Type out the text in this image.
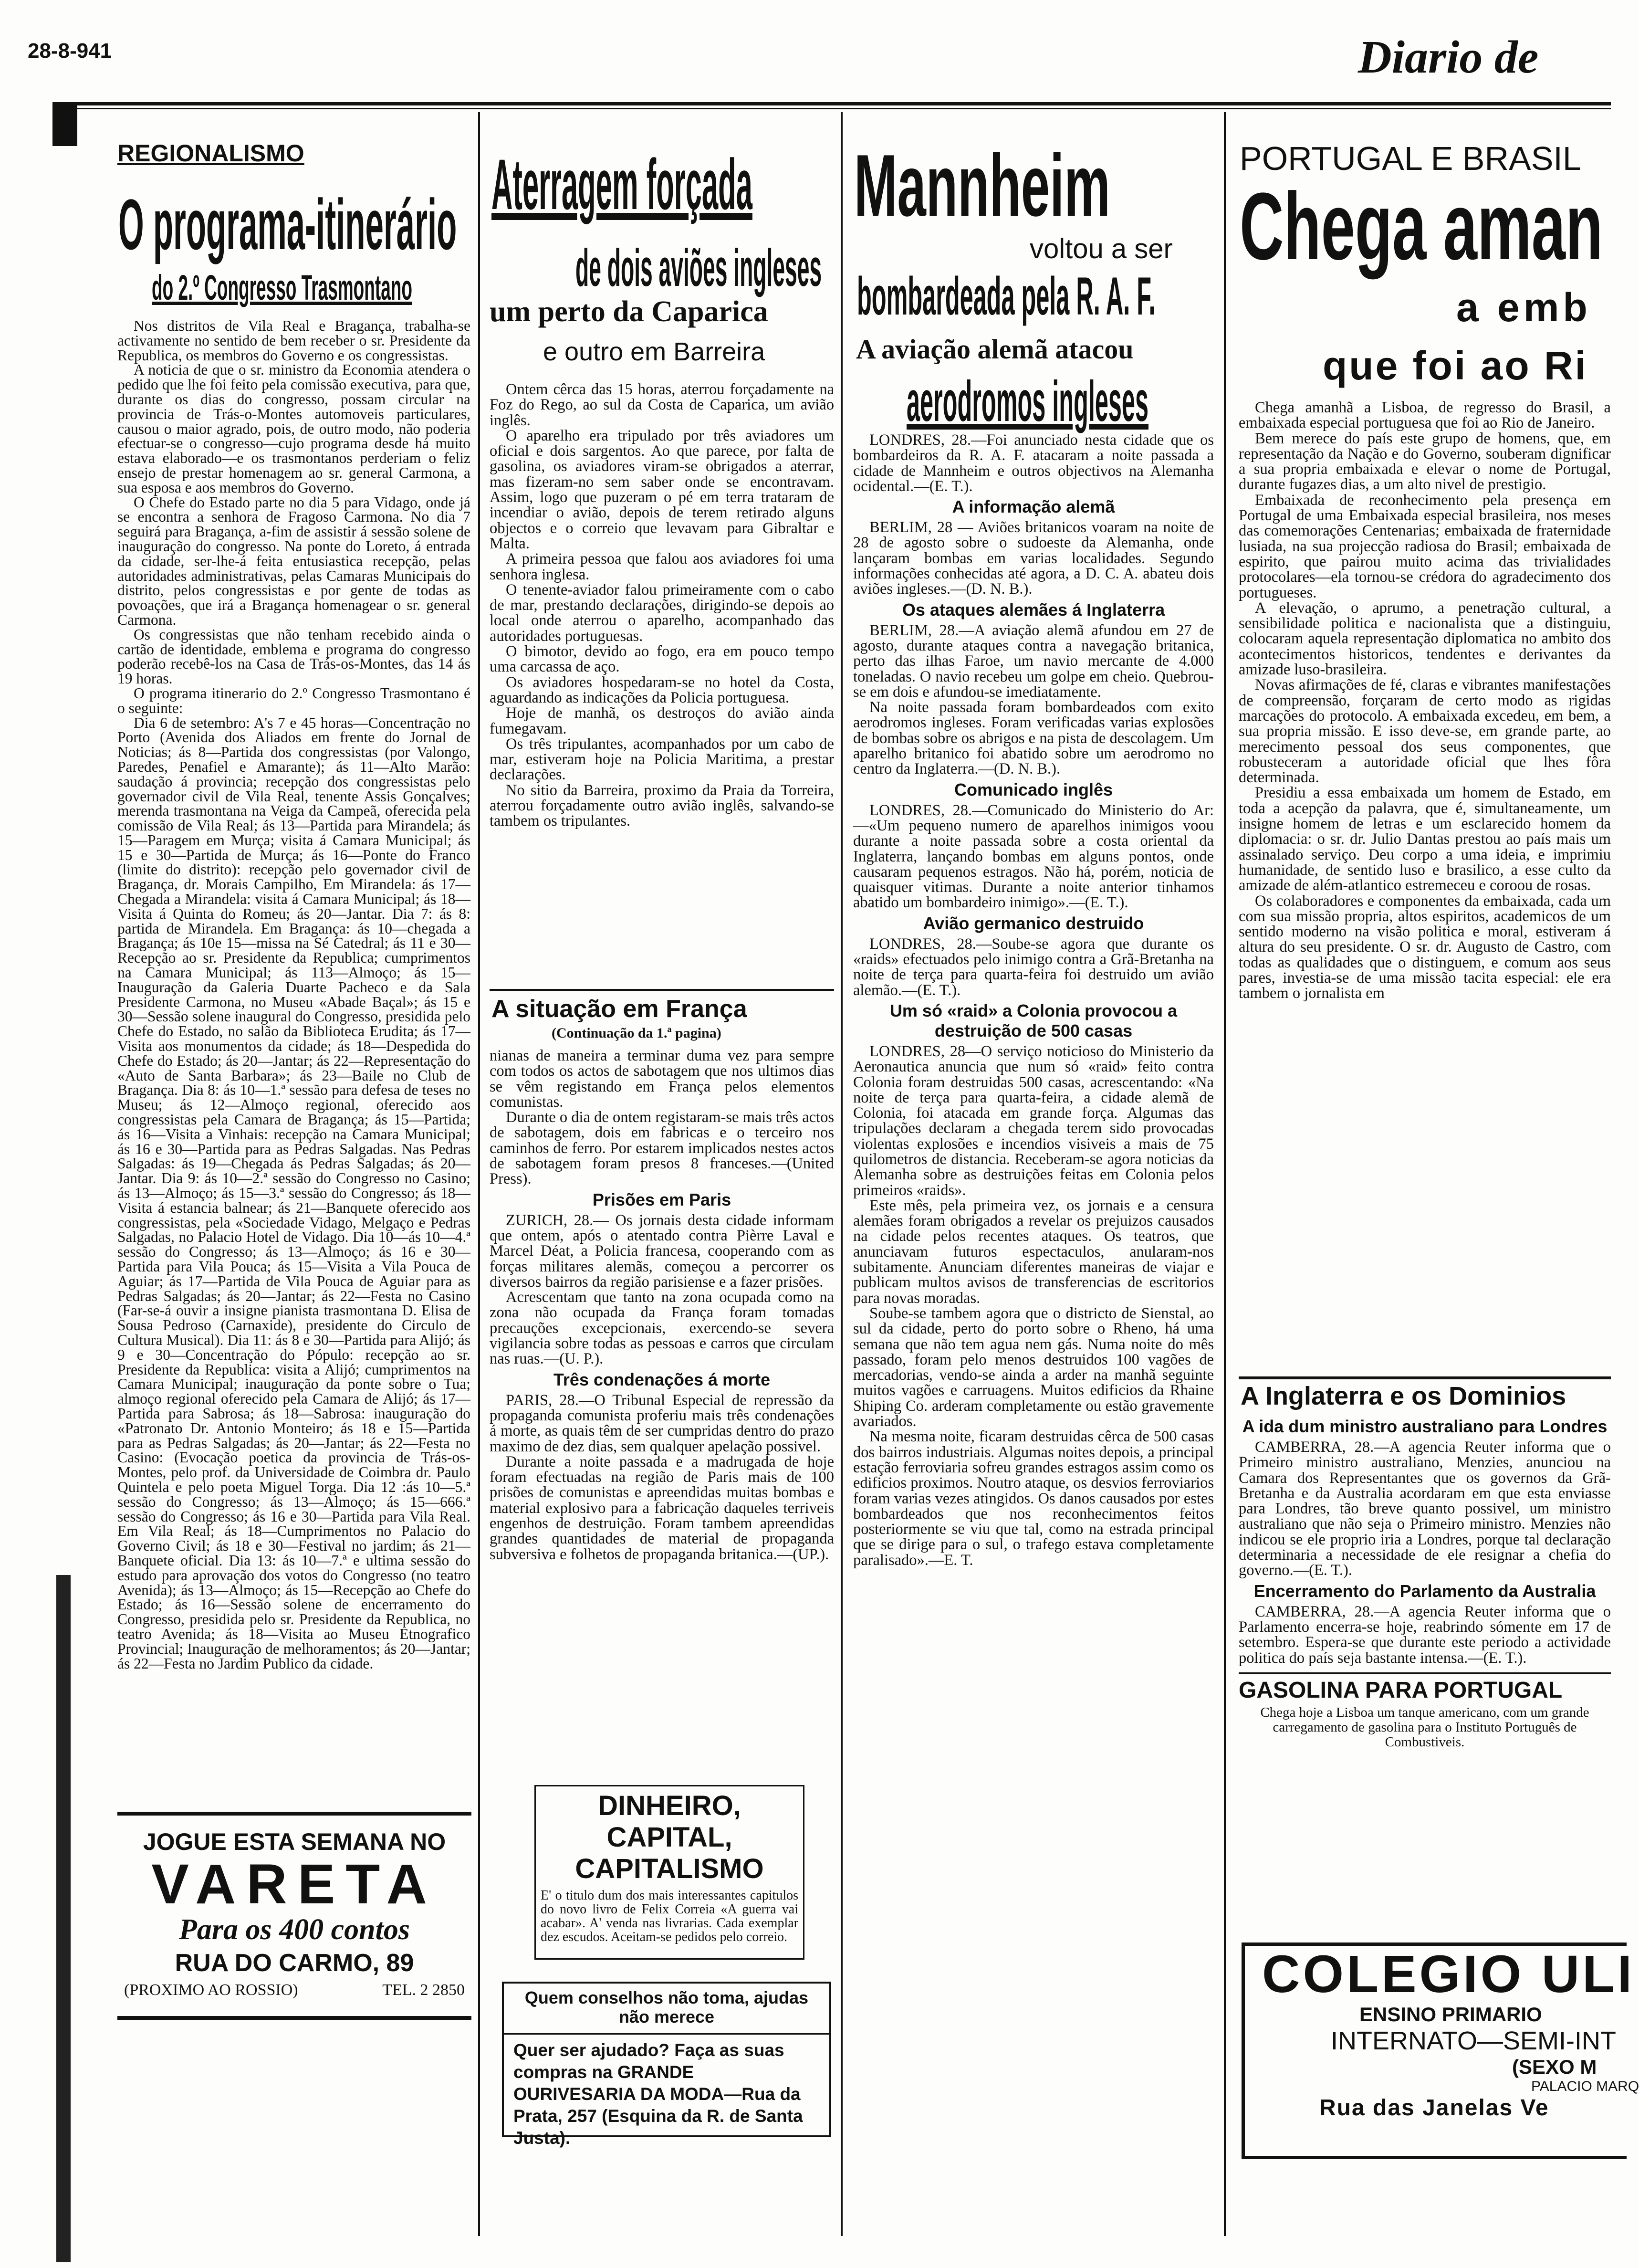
28-8-941	Diario de
REGIONALISMO
O programa-itinerário
do 2.º Congresso Trasmontano

Nos distritos de Vila Real e Bragança, trabalha-se activamente no sentido de bem receber o sr. Presidente da Republica, os membros do Governo e os congressistas.

A noticia de que o sr. ministro da Economia atendera o pedido que lhe foi feito pela comissão executiva, para que, durante os dias do congresso, possam circular na provincia de Trás-o-Montes automoveis particulares, causou o maior agrado, pois, de outro modo, não poderia efectuar-se o congresso—cujo programa desde há muito estava elaborado—e os trasmontanos perderiam o feliz ensejo de prestar homenagem ao sr. general Carmona, a sua esposa e aos membros do Governo.

O Chefe do Estado parte no dia 5 para Vidago, onde já se encontra a senhora de Fragoso Carmona. No dia 7 seguirá para Bragança, a-fim de assistir á sessão solene de inauguração do congresso. Na ponte do Loreto, á entrada da cidade, ser-lhe-á feita entusiastica recepção, pelas autoridades administrativas, pelas Camaras Municipais do distrito, pelos congressistas e por gente de todas as povoações, que irá a Bragança homenagear o sr. general Carmona.

Os congressistas que não tenham recebido ainda o cartão de identidade, emblema e programa do congresso poderão recebê-los na Casa de Trás-os-Montes, das 14 ás 19 horas.

O programa itinerario do 2.º Congresso Trasmontano é o seguinte:

Dia 6 de setembro: A's 7 e 45 horas—Concentração no Porto (Avenida dos Aliados em frente do Jornal de Noticias; ás 8—Partida dos congressistas (por Valongo, Paredes, Penafiel e Amarante); ás 11—Alto Marão: saudação á provincia; recepção dos congressistas pelo governador civil de Vila Real, tenente Assis Gonçalves; merenda trasmontana na Veiga da Campeã, oferecida pela comissão de Vila Real; ás 13—Partida para Mirandela; ás 15—Paragem em Murça; visita á Camara Municipal; ás 15 e 30—Partida de Murça; ás 16—Ponte do Franco (limite do distrito): recepção pelo governador civil de Bragança, dr. Morais Campilho, Em Mirandela: ás 17—Chegada a Mirandela: visita á Camara Municipal; ás 18—Visita á Quinta do Romeu; ás 20—Jantar. Dia 7: ás 8: partida de Mirandela. Em Bragança: ás 10—chegada a Bragança; ás 10e 15—missa na Sé Catedral; ás 11 e 30—Recepção ao sr. Presidente da Republica; cumprimentos na Camara Municipal; ás 113—Almoço; ás 15—Inauguração da Galeria Duarte Pacheco e da Sala Presidente Carmona, no Museu «Abade Baçal»; ás 15 e 30—Sessão solene inaugural do Congresso, presidida pelo Chefe do Estado, no salão da Biblioteca Erudita; ás 17—Visita aos monumentos da cidade; ás 18—Despedida do Chefe do Estado; ás 20—Jantar; ás 22—Representação do «Auto de Santa Barbara»; ás 23—Baile no Club de Bragança. Dia 8: ás 10—1.ª sessão para defesa de teses no Museu; ás 12—Almoço regional, oferecido aos congressistas pela Camara de Bragança; ás 15—Partida; ás 16—Visita a Vinhais: recepção na Camara Municipal; ás 16 e 30—Partida para as Pedras Salgadas. Nas Pedras Salgadas: ás 19—Chegada ás Pedras Salgadas; ás 20—Jantar. Dia 9: ás 10—2.ª sessão do Congresso no Casino; ás 13—Almoço; ás 15—3.ª sessão do Congresso; ás 18—Visita á estancia balnear; ás 21—Banquete oferecido aos congressistas, pela «Sociedade Vidago, Melgaço e Pedras Salgadas, no Palacio Hotel de Vidago. Dia 10—ás 10—4.ª sessão do Congresso; ás 13—Almoço; ás 16 e 30—Partida para Vila Pouca; ás 15—Visita a Vila Pouca de Aguiar; ás 17—Partida de Vila Pouca de Aguiar para as Pedras Salgadas; ás 20—Jantar; ás 22—Festa no Casino (Far-se-á ouvir a insigne pianista trasmontana D. Elisa de Sousa Pedroso (Carnaxide), presidente do Circulo de Cultura Musical). Dia 11: ás 8 e 30—Partida para Alijó; ás 9 e 30—Concentração do Pópulo: recepção ao sr. Presidente da Republica: visita a Alijó; cumprimentos na Camara Municipal; inauguração da ponte sobre o Tua; almoço regional oferecido pela Camara de Alijó; ás 17—Partida para Sabrosa; ás 18—Sabrosa: inauguração do «Patronato Dr. Antonio Monteiro; ás 18 e 15—Partida para as Pedras Salgadas; ás 20—Jantar; ás 22—Festa no Casino: (Evocação poetica da provincia de Trás-os-Montes, pelo prof. da Universidade de Coimbra dr. Paulo Quintela e pelo poeta Miguel Torga. Dia 12 :ás 10—5.ª sessão do Congresso; ás 13—Almoço; ás 15—666.ª sessão do Congresso; ás 16 e 30—Partida para Vila Real. Em Vila Real; ás 18—Cumprimentos no Palacio do Governo Civil; ás 18 e 30—Festival no jardim; ás 21—Banquete oficial. Dia 13: ás 10—7.ª e ultima sessão do estudo para aprovação dos votos do Congresso (no teatro Avenida); ás 13—Almoço; ás 15—Recepção ao Chefe do Estado; ás 16—Sessão solene de encerramento do Congresso, presidida pelo sr. Presidente da Republica, no teatro Avenida; ás 18—Visita ao Museu Etnografico Provincial; Inauguração de melhoramentos; ás 20—Jantar; ás 22—Festa no Jardim Publico da cidade.

JOGUE ESTA SEMANA NO
VARETA
Para os 400 contos
RUA DO CARMO, 89
(PROXIMO AO ROSSIO)	TEL. 2 2850
Aterragem forçada
de dois aviões ingleses
um perto da Caparica
e outro em Barreira

Ontem cêrca das 15 horas, aterrou forçadamente na Foz do Rego, ao sul da Costa de Caparica, um avião inglês.

O aparelho era tripulado por três aviadores um oficial e dois sargentos. Ao que parece, por falta de gasolina, os aviadores viram-se obrigados a aterrar, mas fizeram-no sem saber onde se encontravam. Assim, logo que puzeram o pé em terra trataram de incendiar o avião, depois de terem retirado alguns objectos e o correio que levavam para Gibraltar e Malta.

A primeira pessoa que falou aos aviadores foi uma senhora inglesa.

O tenente-aviador falou primeiramente com o cabo de mar, prestando declarações, dirigindo-se depois ao local onde aterrou o aparelho, acompanhado das autoridades portuguesas.

O bimotor, devido ao fogo, era em pouco tempo uma carcassa de aço.

Os aviadores hospedaram-se no hotel da Costa, aguardando as indicações da Policia portuguesa.

Hoje de manhã, os destroços do avião ainda fumegavam.

Os três tripulantes, acompanhados por um cabo de mar, estiveram hoje na Policia Maritima, a prestar declarações.

No sitio da Barreira, proximo da Praia da Torreira, aterrou forçadamente outro avião inglês, salvando-se tambem os tripulantes.

A situação em França
(Continuação da 1.ª pagina)

nianas de maneira a terminar duma vez para sempre com todos os actos de sabotagem que nos ultimos dias se vêm registando em França pelos elementos comunistas.

Durante o dia de ontem registaram-se mais três actos de sabotagem, dois em fabricas e o terceiro nos caminhos de ferro. Por estarem implicados nestes actos de sabotagem foram presos 8 franceses.—(United Press).

Prisões em Paris

ZURICH, 28.— Os jornais desta cidade informam que ontem, após o atentado contra Pièrre Laval e Marcel Déat, a Policia francesa, cooperando com as forças militares alemãs, começou a percorrer os diversos bairros da região parisiense e a fazer prisões.

Acrescentam que tanto na zona ocupada como na zona não ocupada da França foram tomadas precauções excepcionais, exercendo-se severa vigilancia sobre todas as pessoas e carros que circulam nas ruas.—(U. P.).

Três condenações á morte

PARIS, 28.—O Tribunal Especial de repressão da propaganda comunista proferiu mais três condenações á morte, as quais têm de ser cumpridas dentro do prazo maximo de dez dias, sem qualquer apelação possivel.

Durante a noite passada e a madrugada de hoje foram efectuadas na região de Paris mais de 100 prisões de comunistas e apreendidas muitas bombas e material explosivo para a fabricação daqueles terriveis engenhos de destruição. Foram tambem apreendidas grandes quantidades de material de propaganda subversiva e folhetos de propaganda britanica.—(UP.).

DINHEIRO,
CAPITAL,
CAPITALISMO

E' o titulo dum dos mais interessantes capitulos do novo livro de Felix Correia «A guerra vai acabar». A' venda nas livrarias. Cada exemplar dez escudos. Aceitam-se pedidos pelo correio.

Quem conselhos não toma, ajudas não merece

Quer ser ajudado? Faça as suas compras na GRANDE OURIVESARIA DA MODA—Rua da Prata, 257 (Esquina da R. de Santa Justa).

Mannheim
voltou a ser
bombardeada pela R. A. F.
A aviação alemã atacou
aerodromos ingleses

LONDRES, 28.—Foi anunciado nesta cidade que os bombardeiros da R. A. F. atacaram a noite passada a cidade de Mannheim e outros objectivos na Alemanha ocidental.—(E. T.).

A informação alemã

BERLIM, 28 — Aviões britanicos voaram na noite de 28 de agosto sobre o sudoeste da Alemanha, onde lançaram bombas em varias localidades. Segundo informações conhecidas até agora, a D. C. A. abateu dois aviões ingleses.—(D. N. B.).

Os ataques alemães á Inglaterra

BERLIM, 28.—A aviação alemã afundou em 27 de agosto, durante ataques contra a navegação britanica, perto das ilhas Faroe, um navio mercante de 4.000 toneladas. O navio recebeu um golpe em cheio. Quebrou-se em dois e afundou-se imediatamente.

Na noite passada foram bombardeados com exito aerodromos ingleses. Foram verificadas varias explosões de bombas sobre os abrigos e na pista de descolagem. Um aparelho britanico foi abatido sobre um aerodromo no centro da Inglaterra.—(D. N. B.).

Comunicado inglês

LONDRES, 28.—Comunicado do Ministerio do Ar:—«Um pequeno numero de aparelhos inimigos voou durante a noite passada sobre a costa oriental da Inglaterra, lançando bombas em alguns pontos, onde causaram pequenos estragos. Não há, porém, noticia de quaisquer vitimas. Durante a noite anterior tinhamos abatido um bombardeiro inimigo».—(E. T.).

Avião germanico destruido

LONDRES, 28.—Soube-se agora que durante os «raids» efectuados pelo inimigo contra a Grã-Bretanha na noite de terça para quarta-feira foi destruido um avião alemão.—(E. T.).

Um só «raid» a Colonia provocou a destruição de 500 casas

LONDRES, 28—O serviço noticioso do Ministerio da Aeronautica anuncia que num só «raid» feito contra Colonia foram destruidas 500 casas, acrescentando: «Na noite de terça para quarta-feira, a cidade alemã de Colonia, foi atacada em grande força. Algumas das tripulações declaram a chegada terem sido provocadas violentas explosões e incendios visiveis a mais de 75 quilometros de distancia. Receberam-se agora noticias da Alemanha sobre as destruições feitas em Colonia pelos primeiros «raids».

Este mês, pela primeira vez, os jornais e a censura alemães foram obrigados a revelar os prejuizos causados na cidade pelos recentes ataques. Os teatros, que anunciavam futuros espectaculos, anularam-nos subitamente. Anunciam diferentes maneiras de viajar e publicam multos avisos de transferencias de escritorios para novas moradas.

Soube-se tambem agora que o districto de Sienstal, ao sul da cidade, perto do porto sobre o Rheno, há uma semana que não tem agua nem gás. Numa noite do mês passado, foram pelo menos destruidos 100 vagões de mercadorias, vendo-se ainda a arder na manhã seguinte muitos vagões e carruagens. Muitos edificios da Rhaine Shiping Co. arderam completamente ou estão gravemente avariados.

Na mesma noite, ficaram destruidas cêrca de 500 casas dos bairros industriais. Algumas noites depois, a principal estação ferroviaria sofreu grandes estragos assim como os edificios proximos. Noutro ataque, os desvios ferroviarios foram varias vezes atingidos. Os danos causados por estes bombardeados que nos reconhecimentos feitos posteriormente se viu que tal, como na estrada principal que se dirige para o sul, o trafego estava completamente paralisado».—E. T.

PORTUGAL E BRASIL
Chega aman
a emb
que foi ao Ri

Chega amanhã a Lisboa, de regresso do Brasil, a embaixada especial portuguesa que foi ao Rio de Janeiro.

Bem merece do país este grupo de homens, que, em representação da Nação e do Governo, souberam dignificar a sua propria embaixada e elevar o nome de Portugal, durante fugazes dias, a um alto nivel de prestigio.

Embaixada de reconhecimento pela presença em Portugal de uma Embaixada especial brasileira, nos meses das comemorações Centenarias; embaixada de fraternidade lusiada, na sua projecção radiosa do Brasil; embaixada de espirito, que pairou muito acima das trivialidades protocolares—ela tornou-se crédora do agradecimento dos portugueses.

A elevação, o aprumo, a penetração cultural, a sensibilidade politica e nacionalista que a distinguiu, colocaram aquela representação diplomatica no ambito dos acontecimentos historicos, tendentes e derivantes da amizade luso-brasileira.

Novas afirmações de fé, claras e vibrantes manifestações de compreensão, forçaram de certo modo as rigidas marcações do protocolo. A embaixada excedeu, em bem, a sua propria missão. E isso deve-se, em grande parte, ao merecimento pessoal dos seus componentes, que robusteceram a autoridade oficial que lhes fôra determinada.

Presidiu a essa embaixada um homem de Estado, em toda a acepção da palavra, que é, simultaneamente, um insigne homem de letras e um esclarecido homem da diplomacia: o sr. dr. Julio Dantas prestou ao país mais um assinalado serviço. Deu corpo a uma ideia, e imprimiu humanidade, de sentido luso e brasilico, a esse culto da amizade de além-atlantico estremeceu e coroou de rosas.

Os colaboradores e componentes da embaixada, cada um com sua missão propria, altos espiritos, academicos de um sentido moderno na visão politica e moral, estiveram á altura do seu presidente. O sr. dr. Augusto de Castro, com todas as qualidades que o distinguem, e comum aos seus pares, investia-se de uma missão tacita especial: ele era tambem o jornalista em

A Inglaterra e os Dominios
A ida dum ministro australiano para Londres

CAMBERRA, 28.—A agencia Reuter informa que o Primeiro ministro australiano, Menzies, anunciou na Camara dos Representantes que os governos da Grã-Bretanha e da Australia acordaram em que esta enviasse para Londres, tão breve quanto possivel, um ministro australiano que não seja o Primeiro ministro. Menzies não indicou se ele proprio iria a Londres, porque tal declaração determinaria a necessidade de ele resignar a chefia do governo.—(E. T.).

Encerramento do Parlamento da Australia

CAMBERRA, 28.—A agencia Reuter informa que o Parlamento encerra-se hoje, reabrindo sómente em 17 de setembro. Espera-se que durante este periodo a actividade politica do país seja bastante intensa.—(E. T.).

GASOLINA PARA PORTUGAL

Chega hoje a Lisboa um tanque americano, com um grande carregamento de gasolina para o Instituto Português de Combustiveis.

COLEGIO ULI
ENSINO PRIMARIO
INTERNATO—SEMI-INT
(SEXO M
PALACIO MARQ
Rua das Janelas Ve
